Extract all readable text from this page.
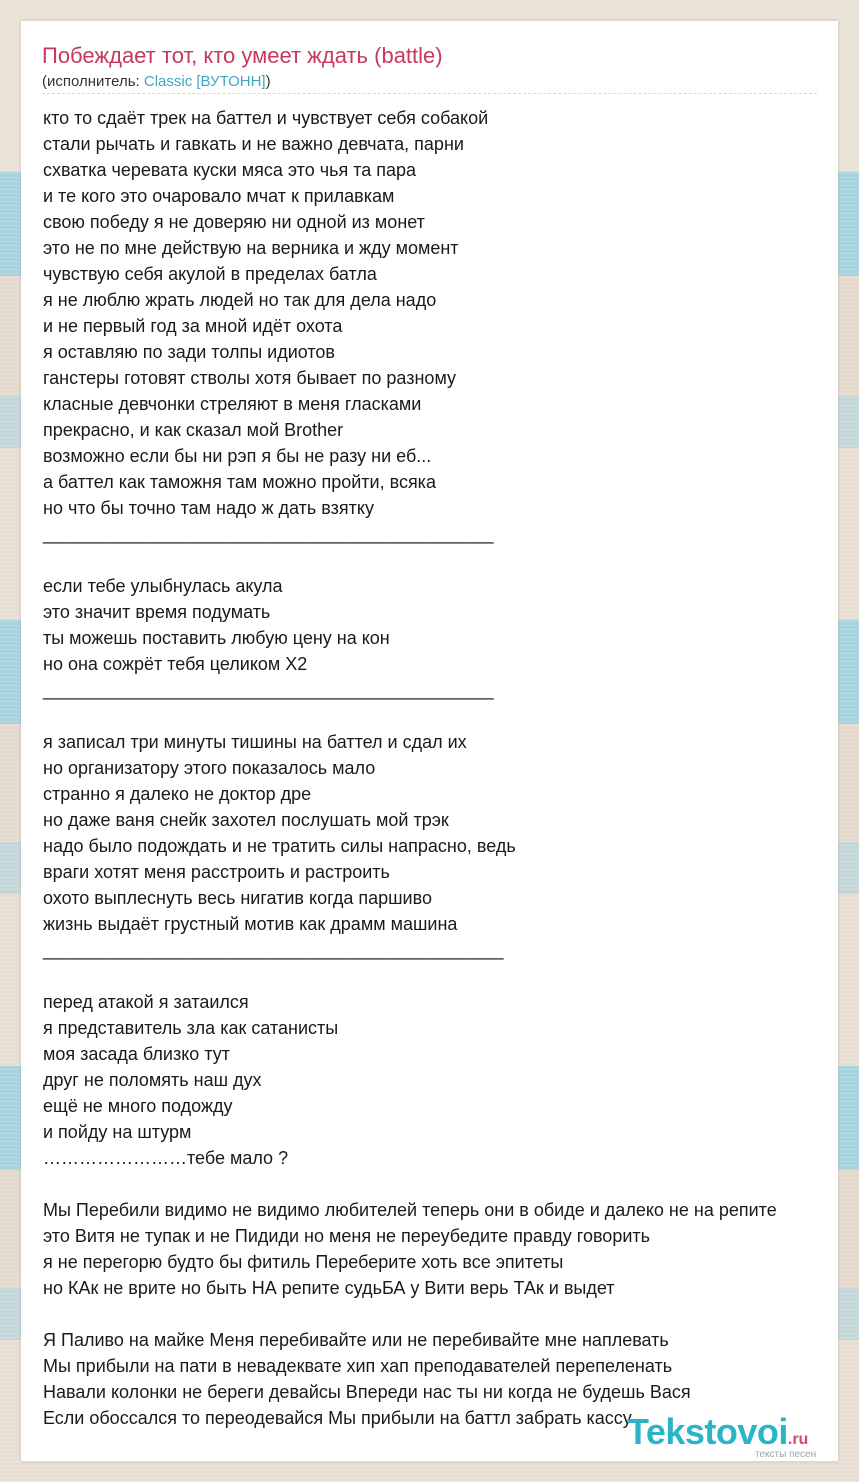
Побеждает тот, кто умеет ждать (battle)
(исполнитель: Classic [ВУТОНН])
кто то сдаёт трек на баттел и чувствует себя собакой
стали рычать и гавкать и не важно девчата, парни
схватка черевата куски мяса это чья та пара
и те кого это очаровало мчат к прилавкам
свою победу я не доверяю ни одной из монет
это не по мне действую на верника и жду момент
чувствую себя акулой в пределах батла
я не люблю жрать людей но так для дела надо
и не первый год за мной идёт охота
я оставляю по зади толпы идиотов
ганстеры готовят стволы хотя бывает по разному
класные девчонки стреляют в меня гласками
прекрасно, и как сказал мой Brother
возможно если бы ни рэп я бы не разу ни еб...
а баттел как таможня там можно пройти, всяка
но что бы точно там надо ж дать взятку
_____________________________________________
если тебе улыбнулась акула
это значит время подумать
ты можешь поставить любую цену на кон
но она сожрёт тебя целиком Х2
_____________________________________________
я записал три минуты тишины на баттел и сдал их
но организатору этого показалось мало
странно я далеко не доктор дре
но даже ваня снейк захотел послушать мой трэк
надо было подождать и не тратить силы напрасно, ведь
враги хотят меня расстроить и растроить
охото выплеснуть весь нигатив когда паршиво
жизнь выдаёт грустный мотив как драмм машина
______________________________________________
перед атакой я затаился
я представитель зла как сатанисты
моя засада близко тут
друг не поломять наш дух
ещё не много подожду
и пойду на штурм
……………………тебе мало ?
Мы Перебили видимо не видимо любителей теперь они в обиде и далеко не на репите
это Витя не тупак и не Пидиди но меня не переубедите правду говорить
я не перегорю будто бы фитиль Переберите хоть все эпитеты
но КАк не врите но быть НА репите судьБА у Вити верь ТАк и выдет
Я Паливо на майке Меня перебивайте или не перебивайте мне наплевать
Мы прибыли на пати в невадеквате хип хап преподавателей перепеленать
Навали колонки не береги девайсы Впереди нас ты ни когда не будешь Вася
Если обоссался то переодевайся Мы прибыли на баттл забрать кассу
Tekstovoi.ru
тексты песен
